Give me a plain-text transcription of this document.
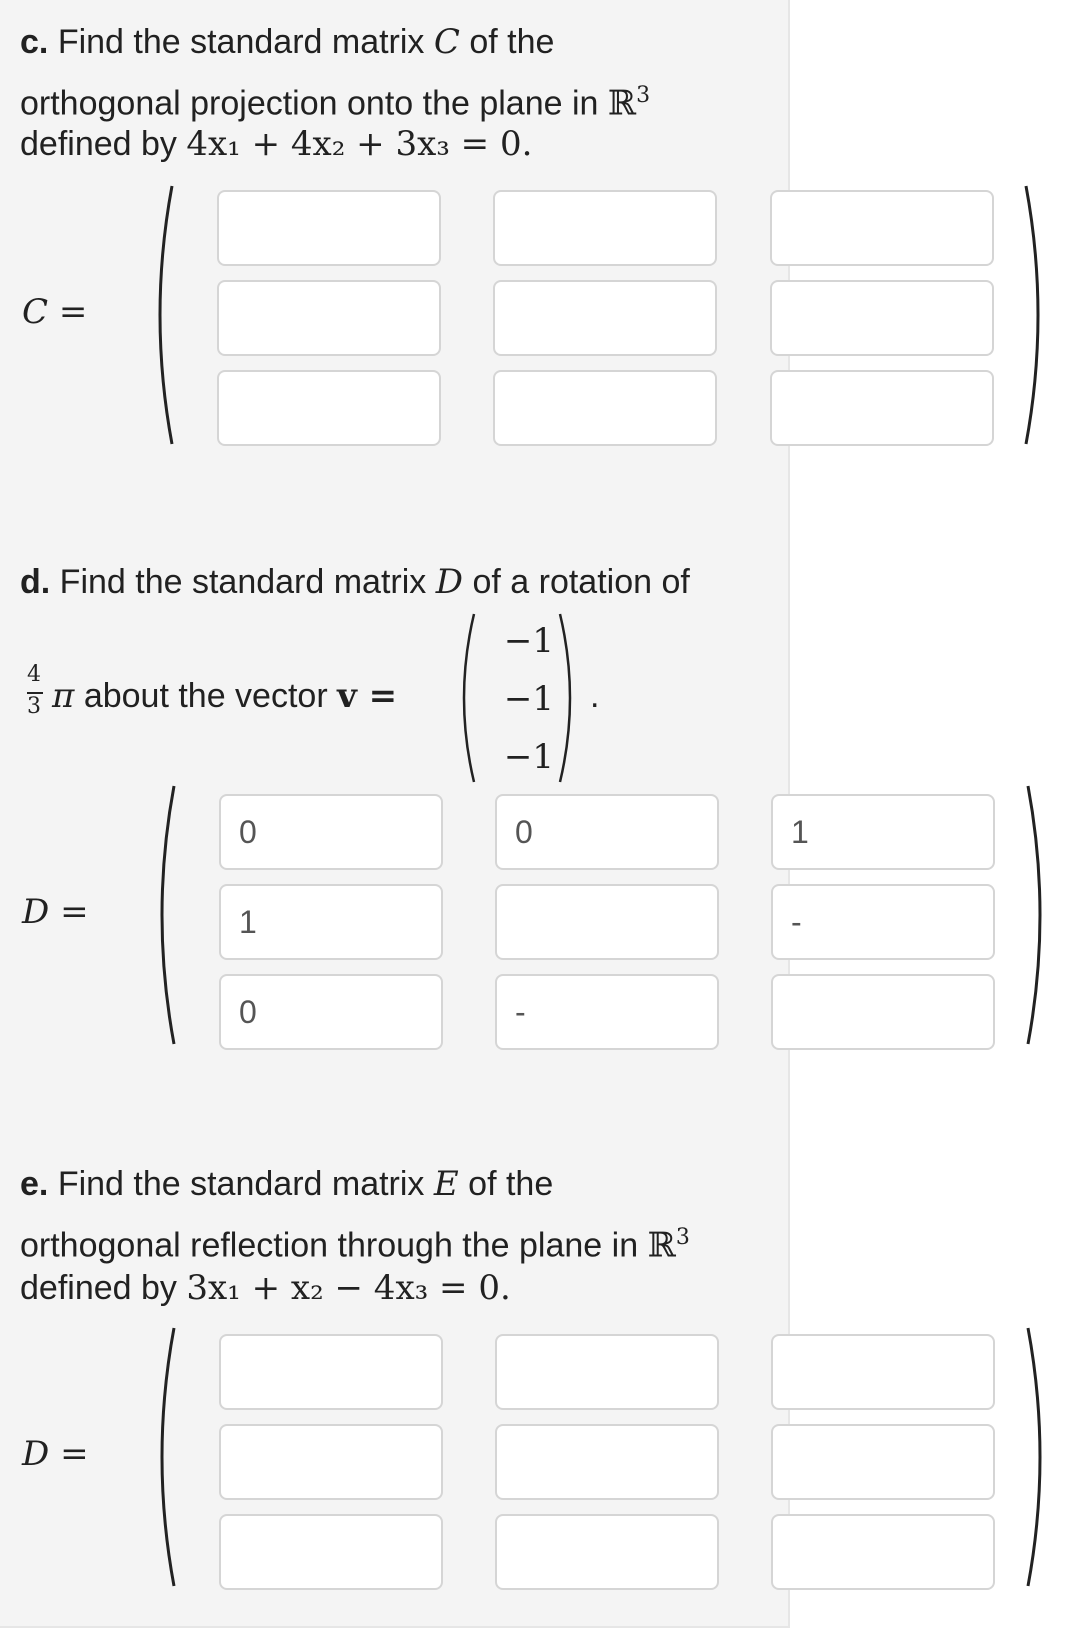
c. Find the standard matrix C of the
orthogonal projection onto the plane in ℝ$^3$
defined by 4x₁ + 4x₂ + 3x₃ = 0.
C =
d. Find the standard matrix D of a rotation of
4
3 π about the vector v =
−1
−1
−1
.
D =
0
0
1
1
-
0
-
e. Find the standard matrix E of the
orthogonal reflection through the plane in ℝ$^3$
defined by 3x₁ + x₂ − 4x₃ = 0.
D =
